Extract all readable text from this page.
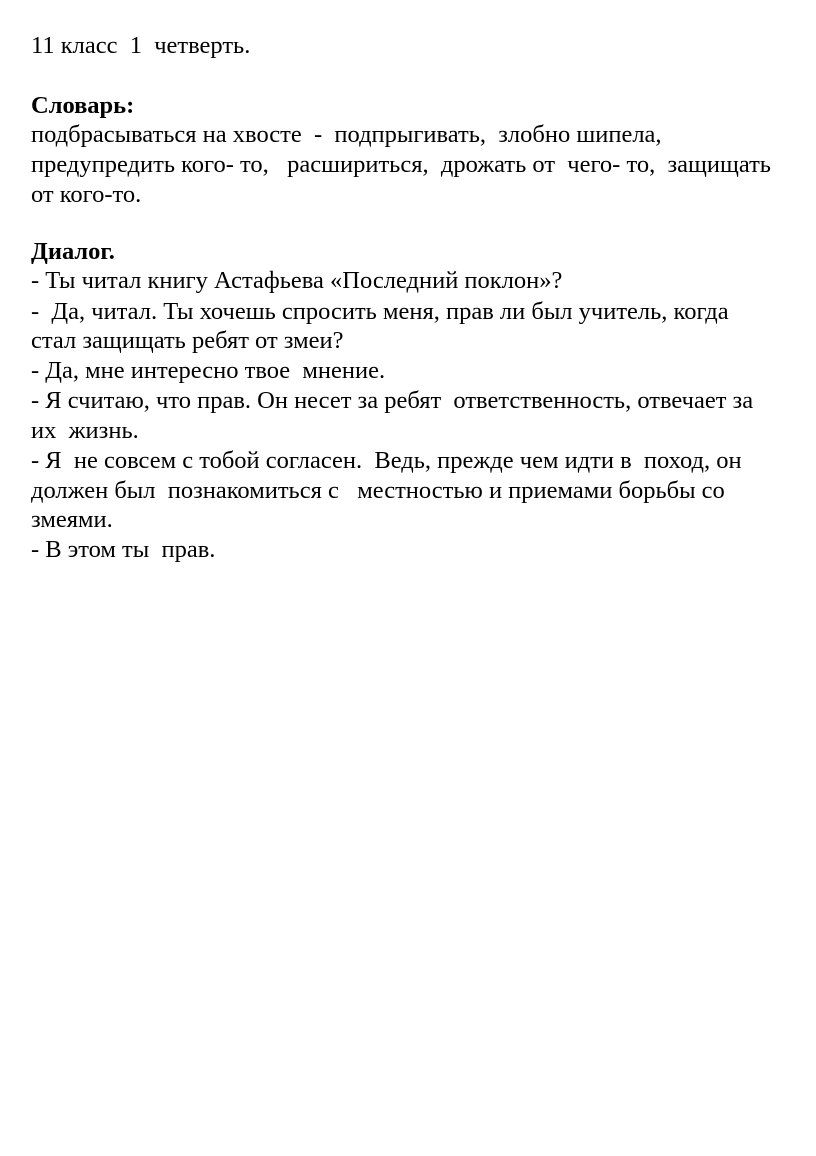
11 класс  1  четверть.
Словарь:
подбрасываться на хвосте  -  подпрыгивать,  злобно шипела,
предупредить кого- то,   расшириться,  дрожать от  чего- то,  защищать
от кого-то.
Диалог.
- Ты читал книгу Астафьева «Последний поклон»?
-  Да, читал. Ты хочешь спросить меня, прав ли был учитель, когда
стал защищать ребят от змеи?
- Да, мне интересно твое  мнение.
- Я считаю, что прав. Он несет за ребят  ответственность, отвечает за
их  жизнь.
- Я  не совсем с тобой согласен.  Ведь, прежде чем идти в  поход, он
должен был  познакомиться с   местностью и приемами борьбы со
змеями.
- В этом ты  прав.
